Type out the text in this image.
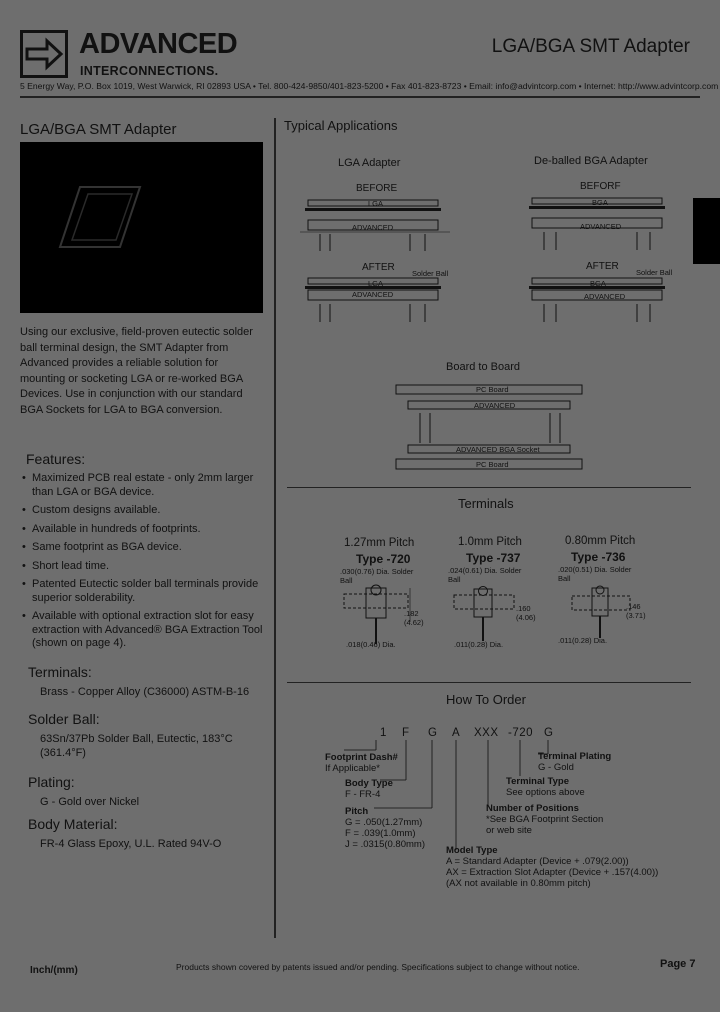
ADVANCED
INTERCONNECTIONS.
LGA/BGA SMT Adapter
5 Energy Way, P.O. Box 1019, West Warwick, RI 02893 USA • Tel. 800-424-9850/401-823-5200 • Fax 401-823-8723 • Email: info@advintcorp.com • Internet: http://www.advintcorp.com
LGA/BGA SMT Adapter
Using our exclusive, field-proven eutectic solder ball terminal design, the SMT Adapter from Advanced provides a reliable solution for mounting or socketing LGA or re-worked BGA Devices. Use in conjunction with our standard BGA Sockets for LGA to BGA conversion.
Features:
• Maximized PCB real estate - only 2mm larger than LGA or BGA device.
• Custom designs available.
• Available in hundreds of footprints.
• Same footprint as BGA device.
• Short lead time.
• Patented Eutectic solder ball terminals provide superior solderability.
• Available with optional extraction slot for easy extraction with Advanced® BGA Extraction Tool (shown on page 4).
Terminals:
Brass - Copper Alloy (C36000) ASTM-B-16
Solder Ball:
63Sn/37Pb Solder Ball, Eutectic, 183°C (361.4°F)
Plating:
G - Gold over Nickel
Body Material:
FR-4 Glass Epoxy, U.L. Rated 94V-O
Typical Applications
LGA Adapter	De-balled BGA Adapter
BEFORE	BEFORF
AFTER	AFTER
LGA
ADVANCED
Solder Ball
LGA
ADVANCED
BGA
ADVANCED
Solder Ball
BGA
ADVANCED
Board to Board
PC Board
ADVANCED
ADVANCED BGA Socket
PC Board
Terminals
1.27mm Pitch
Type -720
1.0mm Pitch
Type -737
0.80mm Pitch
Type -736
.030(0.76) Dia. Solder Ball
.182 (4.62)
.018(0.46) Dia.
.024(0.61) Dia. Solder Ball
.160 (4.06)
.011(0.28) Dia.
.020(0.51) Dia. Solder Ball
.146 (3.71)
.011(0.28) Dia.
How To Order
1 F G A XXX -720 G
Footprint Dash#
If Applicable*
Body Type
F - FR-4
Pitch
G = .050(1.27mm)
F = .039(1.0mm)
J = .0315(0.80mm)
Terminal Plating
G - Gold
Terminal Type
See options above
Number of Positions
*See BGA Footprint Section
or web site
Model Type
A = Standard Adapter (Device + .079(2.00))
AX = Extraction Slot Adapter (Device + .157(4.00))
(AX not available in 0.80mm pitch)
Inch/(mm)	Products shown covered by patents issued and/or pending. Specifications subject to change without notice.	Page 7
